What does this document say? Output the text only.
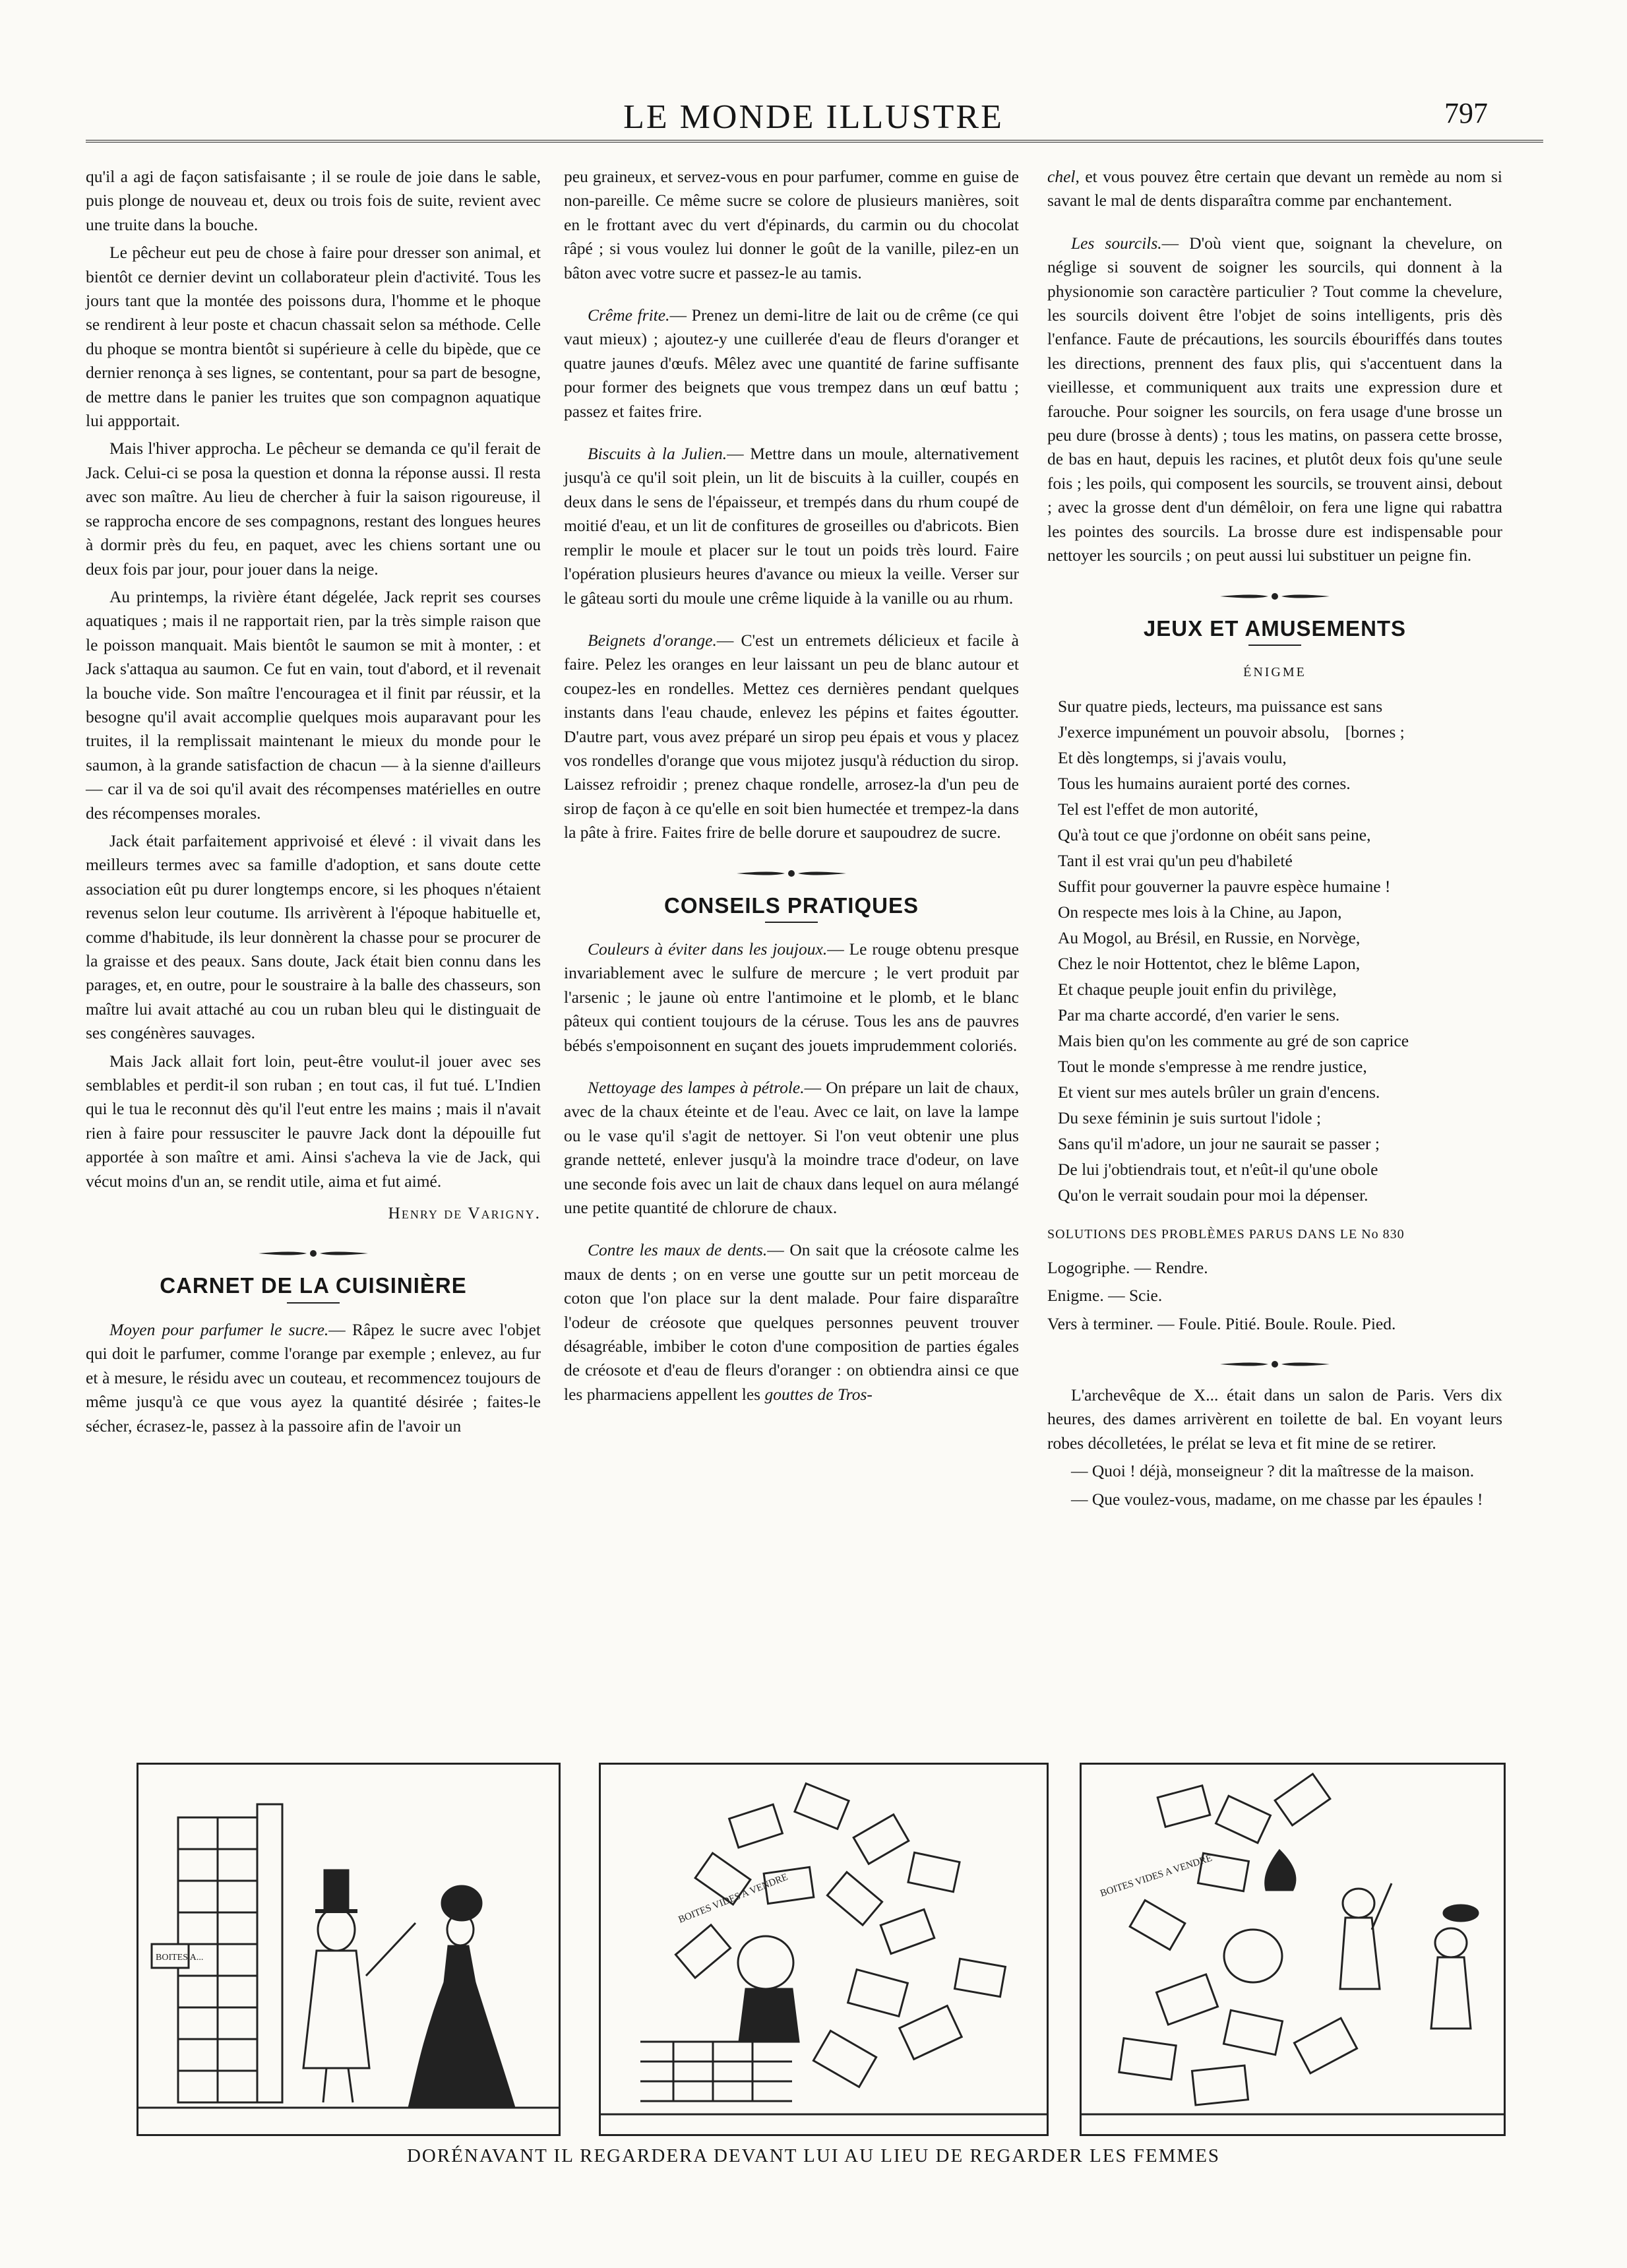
LE MONDE ILLUSTRE	797

qu'il a agi de façon satisfaisante ; il se roule de joie dans le sable, puis plonge de nouveau et, deux ou trois fois de suite, revient avec une truite dans la bouche.

Le pêcheur eut peu de chose à faire pour dresser son animal, et bientôt ce dernier devint un collaborateur plein d'activité. Tous les jours tant que la montée des poissons dura, l'homme et le phoque se rendirent à leur poste et chacun chassait selon sa méthode. Celle du phoque se montra bientôt si supérieure à celle du bipède, que ce dernier renonça à ses lignes, se contentant, pour sa part de besogne, de mettre dans le panier les truites que son compagnon aquatique lui appportait.

Mais l'hiver approcha. Le pêcheur se demanda ce qu'il ferait de Jack. Celui-ci se posa la question et donna la réponse aussi. Il resta avec son maître. Au lieu de chercher à fuir la saison rigoureuse, il se rapprocha encore de ses compagnons, restant des longues heures à dormir près du feu, en paquet, avec les chiens sortant une ou deux fois par jour, pour jouer dans la neige.

Au printemps, la rivière étant dégelée, Jack reprit ses courses aquatiques ; mais il ne rapportait rien, par la très simple raison que le poisson manquait. Mais bientôt le saumon se mit à monter, : et Jack s'attaqua au saumon. Ce fut en vain, tout d'abord, et il revenait la bouche vide. Son maître l'encouragea et il finit par réussir, et la besogne qu'il avait accomplie quelques mois auparavant pour les truites, il la remplissait maintenant le mieux du monde pour le saumon, à la grande satisfaction de chacun — à la sienne d'ailleurs — car il va de soi qu'il avait des récompenses matérielles en outre des récompenses morales.

Jack était parfaitement apprivoisé et élevé : il vivait dans les meilleurs termes avec sa famille d'adoption, et sans doute cette association eût pu durer longtemps encore, si les phoques n'étaient revenus selon leur coutume. Ils arrivèrent à l'époque habituelle et, comme d'habitude, ils leur donnèrent la chasse pour se procurer de la graisse et des peaux. Sans doute, Jack était bien connu dans les parages, et, en outre, pour le soustraire à la balle des chasseurs, son maître lui avait attaché au cou un ruban bleu qui le distinguait de ses congénères sauvages.

Mais Jack allait fort loin, peut-être voulut-il jouer avec ses semblables et perdit-il son ruban ; en tout cas, il fut tué. L'Indien qui le tua le reconnut dès qu'il l'eut entre les mains ; mais il n'avait rien à faire pour ressusciter le pauvre Jack dont la dépouille fut apportée à son maître et ami. Ainsi s'acheva la vie de Jack, qui vécut moins d'un an, se rendit utile, aima et fut aimé.

Henry de Varigny.
CARNET DE LA CUISINIÈRE

Moyen pour parfumer le sucre.— Râpez le sucre avec l'objet qui doit le parfumer, comme l'orange par exemple ; enlevez, au fur et à mesure, le résidu avec un couteau, et recommencez toujours de même jusqu'à ce que vous ayez la quantité désirée ; faites-le sécher, écrasez-le, passez à la passoire afin de l'avoir un

peu graineux, et servez-vous en pour parfumer, comme en guise de non-pareille. Ce même sucre se colore de plusieurs manières, soit en le frottant avec du vert d'épinards, du carmin ou du chocolat râpé ; si vous voulez lui donner le goût de la vanille, pilez-en un bâton avec votre sucre et passez-le au tamis.

Crême frite.— Prenez un demi-litre de lait ou de crême (ce qui vaut mieux) ; ajoutez-y une cuillerée d'eau de fleurs d'oranger et quatre jaunes d'œufs. Mêlez avec une quantité de farine suffisante pour former des beignets que vous trempez dans un œuf battu ; passez et faites frire.

Biscuits à la Julien.— Mettre dans un moule, alternativement jusqu'à ce qu'il soit plein, un lit de biscuits à la cuiller, coupés en deux dans le sens de l'épaisseur, et trempés dans du rhum coupé de moitié d'eau, et un lit de confitures de groseilles ou d'abricots. Bien remplir le moule et placer sur le tout un poids très lourd. Faire l'opération plusieurs heures d'avance ou mieux la veille. Verser sur le gâteau sorti du moule une crême liquide à la vanille ou au rhum.

Beignets d'orange.— C'est un entremets délicieux et facile à faire. Pelez les oranges en leur laissant un peu de blanc autour et coupez-les en rondelles. Mettez ces dernières pendant quelques instants dans l'eau chaude, enlevez les pépins et faites égoutter. D'autre part, vous avez préparé un sirop peu épais et vous y placez vos rondelles d'orange que vous mijotez jusqu'à réduction du sirop. Laissez refroidir ; prenez chaque rondelle, arrosez-la d'un peu de sirop de façon à ce qu'elle en soit bien humectée et trempez-la dans la pâte à frire. Faites frire de belle dorure et saupoudrez de sucre.

CONSEILS PRATIQUES

Couleurs à éviter dans les joujoux.— Le rouge obtenu presque invariablement avec le sulfure de mercure ; le vert produit par l'arsenic ; le jaune où entre l'antimoine et le plomb, et le blanc pâteux qui contient toujours de la céruse. Tous les ans de pauvres bébés s'empoisonnent en suçant des jouets imprudemment coloriés.

Nettoyage des lampes à pétrole.— On prépare un lait de chaux, avec de la chaux éteinte et de l'eau. Avec ce lait, on lave la lampe ou le vase qu'il s'agit de nettoyer. Si l'on veut obtenir une plus grande netteté, enlever jusqu'à la moindre trace d'odeur, on lave une seconde fois avec un lait de chaux dans lequel on aura mélangé une petite quantité de chlorure de chaux.

Contre les maux de dents.— On sait que la créosote calme les maux de dents ; on en verse une goutte sur un petit morceau de coton que l'on place sur la dent malade. Pour faire disparaître l'odeur de créosote que quelques personnes peuvent trouver désagréable, imbiber le coton d'une composition de parties égales de créosote et d'eau de fleurs d'oranger : on obtiendra ainsi ce que les pharmaciens appellent les gouttes de Tros-

chel, et vous pouvez être certain que devant un remède au nom si savant le mal de dents disparaîtra comme par enchantement.

Les sourcils.— D'où vient que, soignant la chevelure, on néglige si souvent de soigner les sourcils, qui donnent à la physionomie son caractère particulier ? Tout comme la chevelure, les sourcils doivent être l'objet de soins intelligents, pris dès l'enfance. Faute de précautions, les sourcils ébouriffés dans toutes les directions, prennent des faux plis, qui s'accentuent dans la vieillesse, et communiquent aux traits une expression dure et farouche. Pour soigner les sourcils, on fera usage d'une brosse un peu dure (brosse à dents) ; tous les matins, on passera cette brosse, de bas en haut, depuis les racines, et plutôt deux fois qu'une seule fois ; les poils, qui composent les sourcils, se trouvent ainsi, debout ; avec la grosse dent d'un démêloir, on fera une ligne qui rabattra les pointes des sourcils. La brosse dure est indispensable pour nettoyer les sourcils ; on peut aussi lui substituer un peigne fin.

JEUX ET AMUSEMENTS
ÉNIGME
Sur quatre pieds, lecteurs, ma puissance est sans
J'exerce impunément un pouvoir absolu, [bornes ;
Et dès longtemps, si j'avais voulu,
Tous les humains auraient porté des cornes.
Tel est l'effet de mon autorité,
Qu'à tout ce que j'ordonne on obéit sans peine,
Tant il est vrai qu'un peu d'habileté
Suffit pour gouverner la pauvre espèce humaine !
On respecte mes lois à la Chine, au Japon,
Au Mogol, au Brésil, en Russie, en Norvège,
Chez le noir Hottentot, chez le blême Lapon,
Et chaque peuple jouit enfin du privilège,
Par ma charte accordé, d'en varier le sens.
Mais bien qu'on les commente au gré de son caprice
Tout le monde s'empresse à me rendre justice,
Et vient sur mes autels brûler un grain d'encens.
Du sexe féminin je suis surtout l'idole ;
Sans qu'il m'adore, un jour ne saurait se passer ;
De lui j'obtiendrais tout, et n'eût-il qu'une obole
Qu'on le verrait soudain pour moi la dépenser.
SOLUTIONS DES PROBLÈMES PARUS DANS LE No 830

Logogriphe. — Rendre.

Enigme. — Scie.

Vers à terminer. — Foule. Pitié. Boule. Roule. Pied.

L'archevêque de X... était dans un salon de Paris. Vers dix heures, des dames arrivèrent en toilette de bal. En voyant leurs robes décolletées, le prélat se leva et fit mine de se retirer.

— Quoi ! déjà, monseigneur ? dit la maîtresse de la maison.

— Que voulez-vous, madame, on me chasse par les épaules !

BOITES A...
BOITES VIDES A VENDRE	BOITES VIDES A VENDRE
DORÉNAVANT IL REGARDERA DEVANT LUI AU LIEU DE REGARDER LES FEMMES
